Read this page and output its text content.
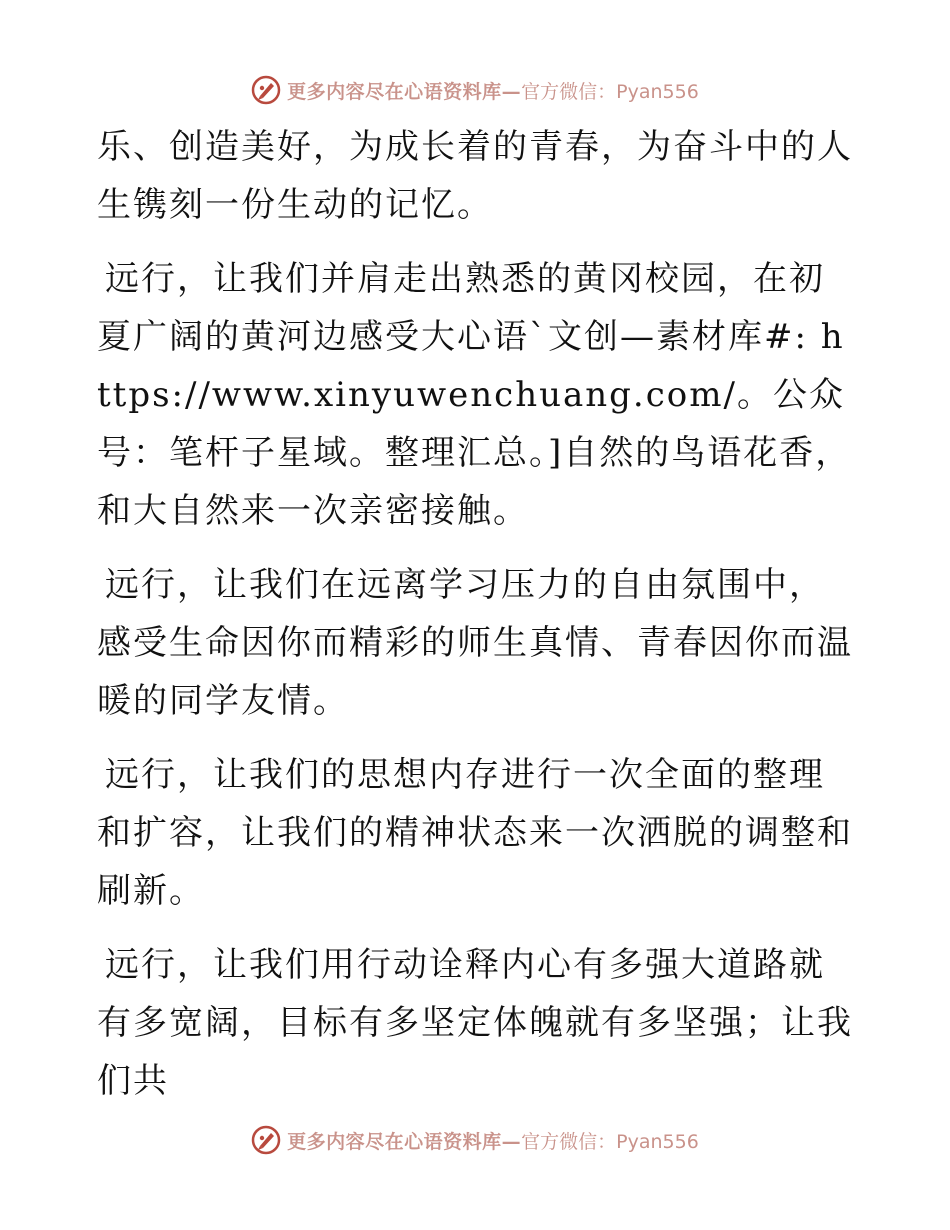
更多内容尽在心语资料库— 官方微信：Pyan556

乐、创造美好，为成长着的青春，为奋斗中的人生镌刻一份生动的记忆。

远行，让我们并肩走出熟悉的黄冈校园，在初夏广阔的黄河边感受大心语`文创—素材库#: https://www.xinyuwenchuang.com/。公众号：笔杆子星域。整理汇总。]自然的鸟语花香，和大自然来一次亲密接触。

远行，让我们在远离学习压力的自由氛围中，感受生命因你而精彩的师生真情、青春因你而温暖的同学友情。

远行，让我们的思想内存进行一次全面的整理和扩容，让我们的精神状态来一次洒脱的调整和刷新。

远行，让我们用行动诠释内心有多强大道路就有多宽阔，目标有多坚定体魄就有多坚强；让我们共

更多内容尽在心语资料库— 官方微信：Pyan556
